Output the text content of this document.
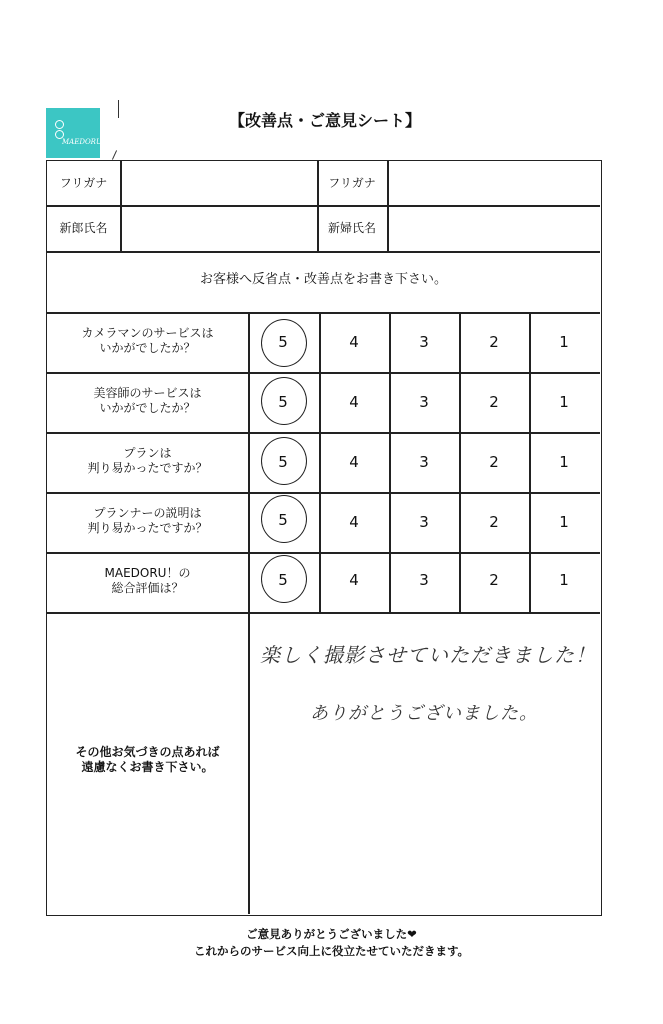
MAEDORU
【改善点・ご意見シート】
フリガナ	フリガナ
新郎氏名	新婦氏名
お客様へ反省点・改善点をお書き下さい。
カメラマンのサービスは
いかがでしたか？	5	4	3	2	1
美容師のサービスは
いかがでしたか？	5	4	3	2	1
プランは
判り易かったですか？	5	4	3	2	1
プランナーの説明は
判り易かったですか？	5	4	3	2	1
MAEDORU！の
総合評価は？	5	4	3	2	1
その他お気づきの点あれば
遠慮なくお書き下さい。
楽しく撮影させていただきました！
ありがとうございました。
ご意見ありがとうございました❤
これからのサービス向上に役立たせていただきます。
